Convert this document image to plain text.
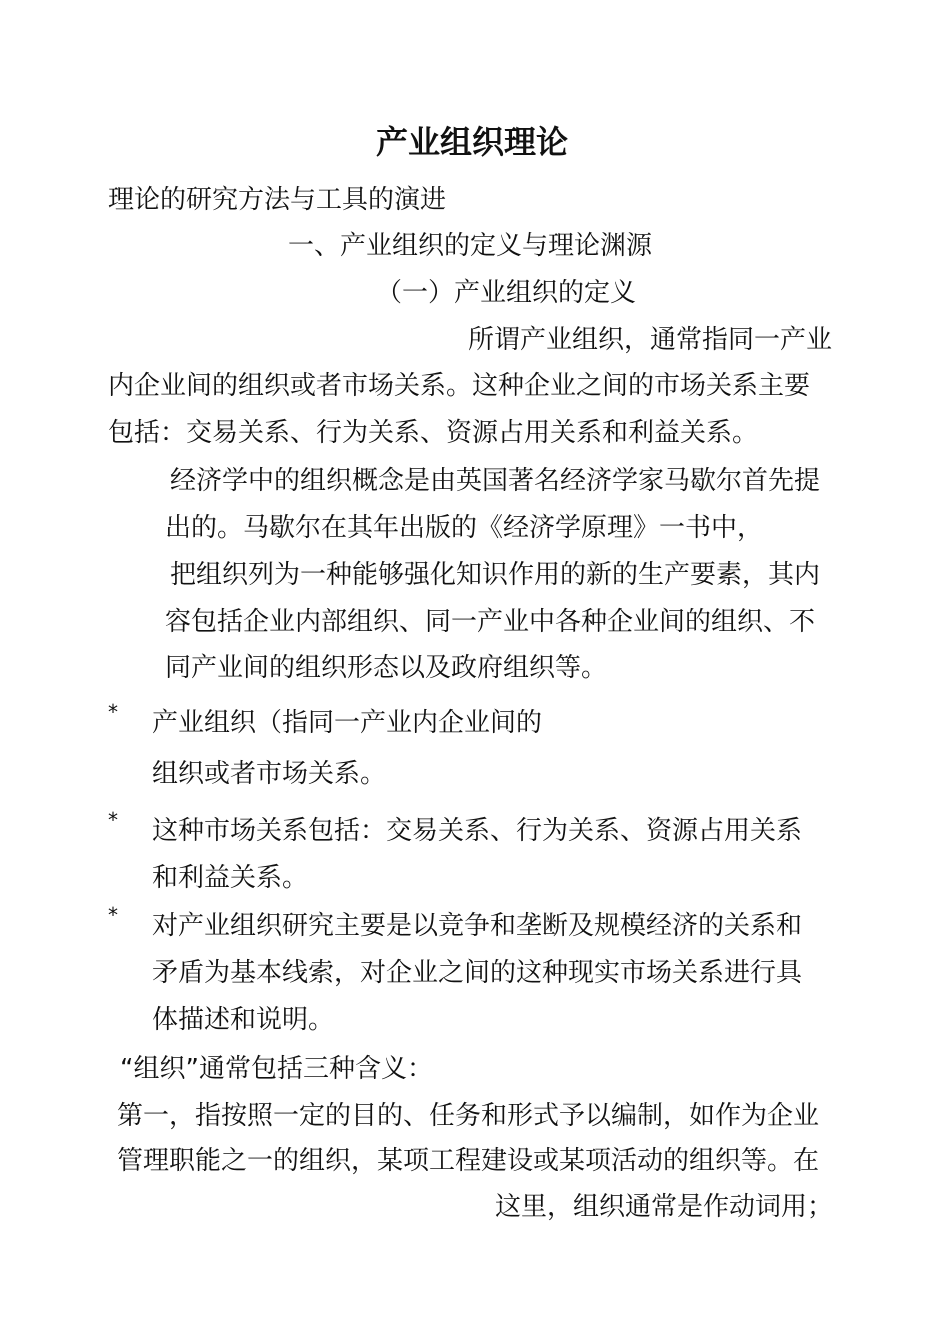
产业组织理论

理论的研究方法与工具的演进

一、产业组织的定义与理论渊源

（一）产业组织的定义

所谓产业组织，通常指同一产业

内企业间的组织或者市场关系。这种企业之间的市场关系主要

包括：交易关系、行为关系、资源占用关系和利益关系。

经济学中的组织概念是由英国著名经济学家马歇尔首先提

出的。马歇尔在其年出版的《经济学原理》一书中，

把组织列为一种能够强化知识作用的新的生产要素，其内

容包括企业内部组织、同一产业中各种企业间的组织、不

同产业间的组织形态以及政府组织等。

* 产业组织（指同一产业内企业间的

组织或者市场关系。

* 这种市场关系包括：交易关系、行为关系、资源占用关系

和利益关系。

* 对产业组织研究主要是以竞争和垄断及规模经济的关系和

矛盾为基本线索，对企业之间的这种现实市场关系进行具

体描述和说明。

“组织”通常包括三种含义：

第一，指按照一定的目的、任务和形式予以编制，如作为企业

管理职能之一的组织，某项工程建设或某项活动的组织等。在

这里，组织通常是作动词用；
